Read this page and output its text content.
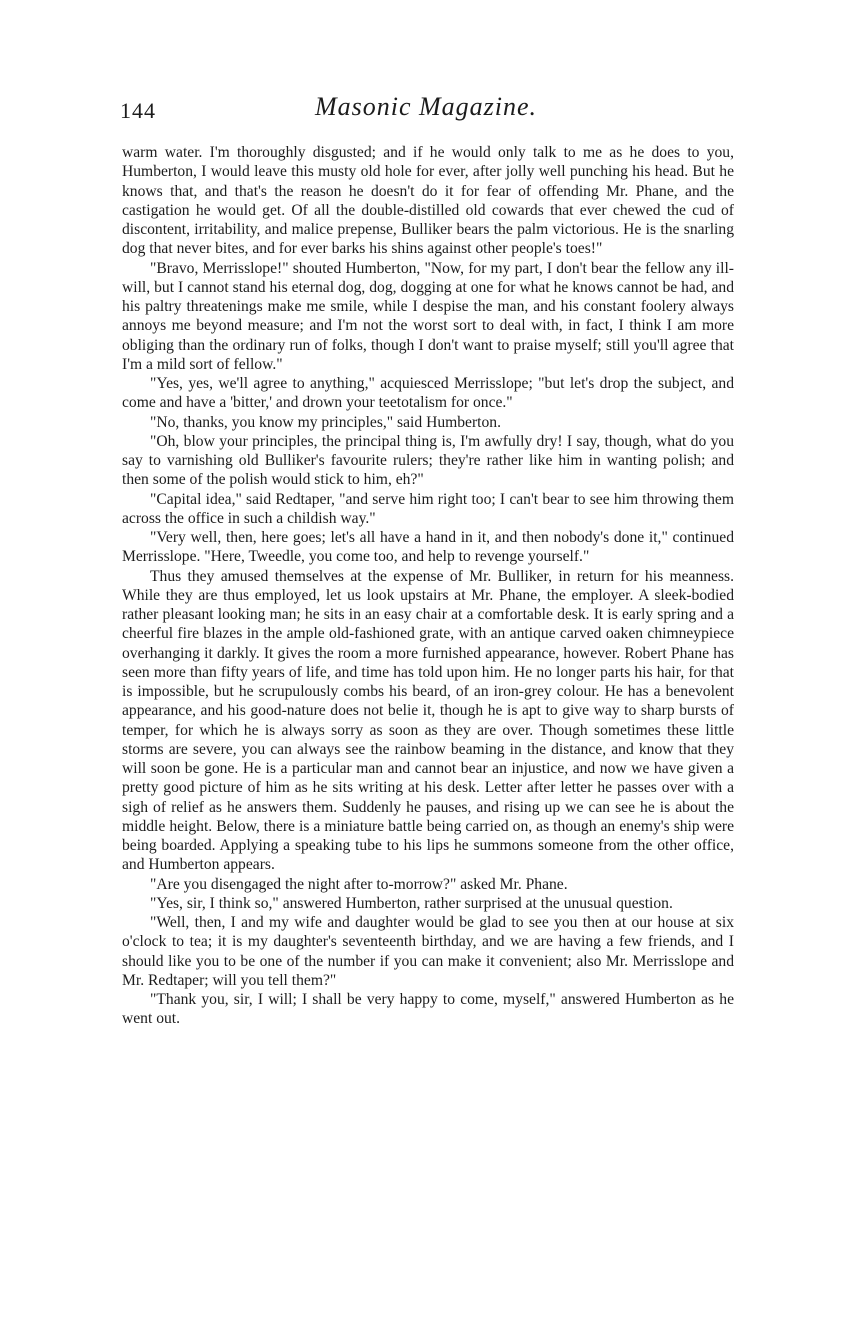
144	Masonic Magazine.

warm water. I'm thoroughly disgusted; and if he would only talk to me as he does to you, Humberton, I would leave this musty old hole for ever, after jolly well punching his head. But he knows that, and that's the reason he doesn't do it for fear of offending Mr. Phane, and the castigation he would get. Of all the double-distilled old cowards that ever chewed the cud of discontent, irritability, and malice prepense, Bulliker bears the palm victorious. He is the snarling dog that never bites, and for ever barks his shins against other people's toes!"

"Bravo, Merrisslope!" shouted Humberton, "Now, for my part, I don't bear the fellow any ill-will, but I cannot stand his eternal dog, dog, dogging at one for what he knows cannot be had, and his paltry threatenings make me smile, while I despise the man, and his constant foolery always annoys me beyond measure; and I'm not the worst sort to deal with, in fact, I think I am more obliging than the ordinary run of folks, though I don't want to praise myself; still you'll agree that I'm a mild sort of fellow."

"Yes, yes, we'll agree to anything," acquiesced Merrisslope; "but let's drop the subject, and come and have a 'bitter,' and drown your teetotalism for once."

"No, thanks, you know my principles," said Humberton.

"Oh, blow your principles, the principal thing is, I'm awfully dry! I say, though, what do you say to varnishing old Bulliker's favourite rulers; they're rather like him in wanting polish; and then some of the polish would stick to him, eh?"

"Capital idea," said Redtaper, "and serve him right too; I can't bear to see him throwing them across the office in such a childish way."

"Very well, then, here goes; let's all have a hand in it, and then nobody's done it," continued Merrisslope. "Here, Tweedle, you come too, and help to revenge yourself."

Thus they amused themselves at the expense of Mr. Bulliker, in return for his meanness. While they are thus employed, let us look upstairs at Mr. Phane, the employer. A sleek-bodied rather pleasant looking man; he sits in an easy chair at a comfortable desk. It is early spring and a cheerful fire blazes in the ample old-fashioned grate, with an antique carved oaken chimneypiece overhanging it darkly. It gives the room a more furnished appearance, however. Robert Phane has seen more than fifty years of life, and time has told upon him. He no longer parts his hair, for that is impossible, but he scrupulously combs his beard, of an iron-grey colour. He has a benevolent appearance, and his good-nature does not belie it, though he is apt to give way to sharp bursts of temper, for which he is always sorry as soon as they are over. Though sometimes these little storms are severe, you can always see the rainbow beaming in the distance, and know that they will soon be gone. He is a particular man and cannot bear an injustice, and now we have given a pretty good picture of him as he sits writing at his desk. Letter after letter he passes over with a sigh of relief as he answers them. Suddenly he pauses, and rising up we can see he is about the middle height. Below, there is a miniature battle being carried on, as though an enemy's ship were being boarded. Applying a speaking tube to his lips he summons someone from the other office, and Humberton appears.

"Are you disengaged the night after to-morrow?" asked Mr. Phane.

"Yes, sir, I think so," answered Humberton, rather surprised at the unusual question.

"Well, then, I and my wife and daughter would be glad to see you then at our house at six o'clock to tea; it is my daughter's seventeenth birthday, and we are having a few friends, and I should like you to be one of the number if you can make it convenient; also Mr. Merrisslope and Mr. Redtaper; will you tell them?"

"Thank you, sir, I will; I shall be very happy to come, myself," answered Humberton as he went out.
